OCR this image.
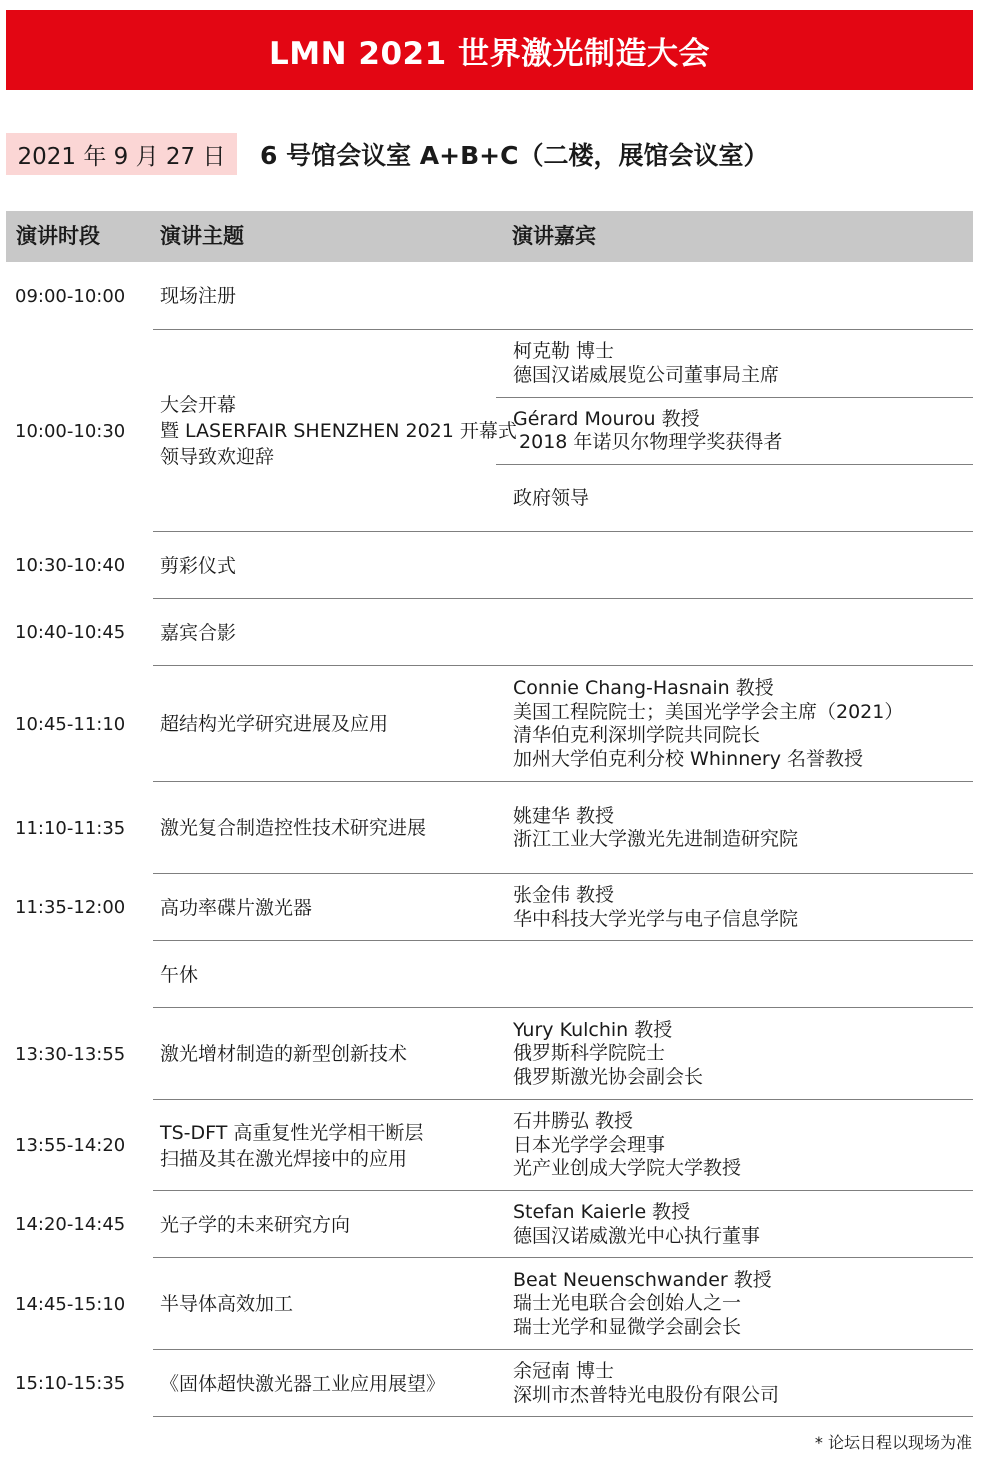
LMN 2021 世界激光制造大会
2021 年 9 月 27 日 6 号馆会议室 A+B+C（二楼，展馆会议室）
演讲时段	演讲主题	演讲嘉宾
09:00-10:00 现场注册
10:00-10:30
大会开幕
暨 LASERFAIR SHENZHEN 2021 开幕式
领导致欢迎辞
柯克勒 博士
德国汉诺威展览公司董事局主席
Gérard Mourou 教授
2018 年诺贝尔物理学奖获得者
政府领导
10:30-10:40 剪彩仪式
10:40-10:45 嘉宾合影
10:45-11:10 超结构光学研究进展及应用
Connie Chang-Hasnain 教授
美国工程院院士；美国光学学会主席（2021）
清华伯克利深圳学院共同院长
加州大学伯克利分校 Whinnery 名誉教授
11:10-11:35 激光复合制造控性技术研究进展
姚建华 教授
浙江工业大学激光先进制造研究院
11:35-12:00 高功率碟片激光器
张金伟 教授
华中科技大学光学与电子信息学院
午休
13:30-13:55 激光增材制造的新型创新技术
Yury Kulchin 教授
俄罗斯科学院院士
俄罗斯激光协会副会长
13:55-14:20
TS-DFT 高重复性光学相干断层
扫描及其在激光焊接中的应用
石井勝弘 教授
日本光学学会理事
光产业创成大学院大学教授
14:20-14:45 光子学的未来研究方向
Stefan Kaierle 教授
德国汉诺威激光中心执行董事
14:45-15:10 半导体高效加工
Beat Neuenschwander 教授
瑞士光电联合会创始人之一
瑞士光学和显微学会副会长
15:10-15:35 《固体超快激光器工业应用展望》
余冠南 博士
深圳市杰普特光电股份有限公司
* 论坛日程以现场为准
